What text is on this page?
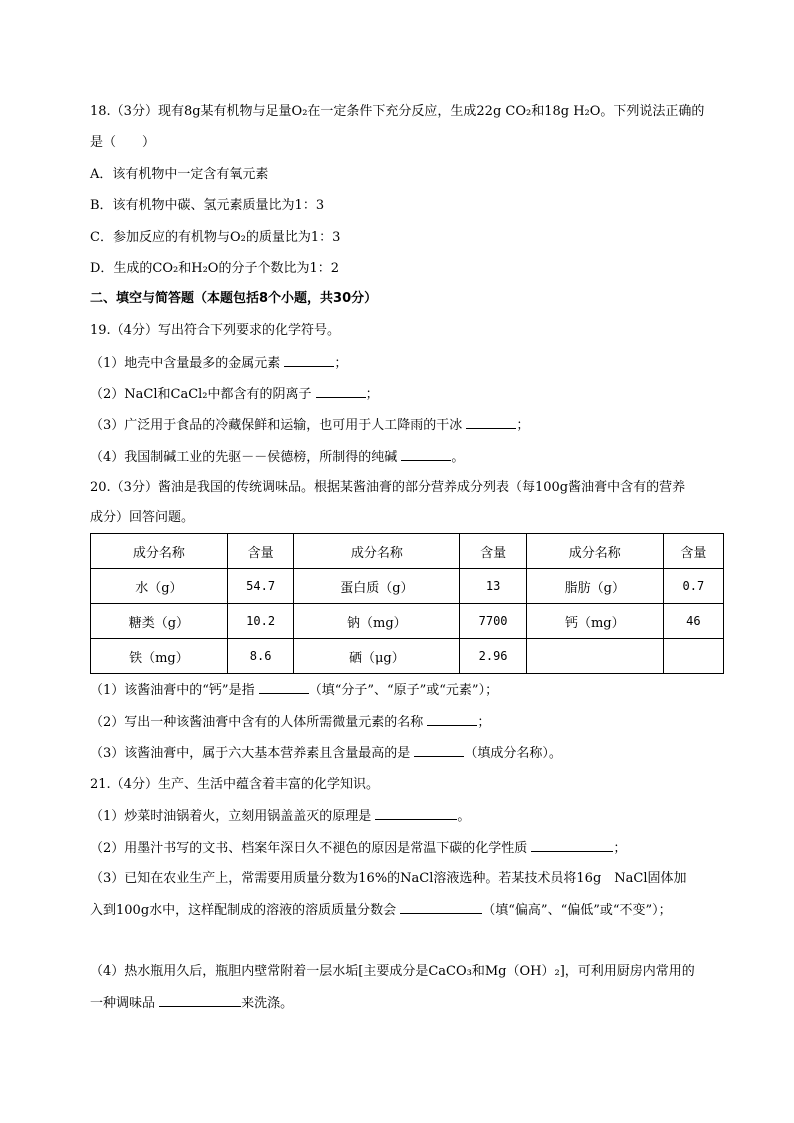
18.（3分）现有8g某有机物与足量O₂在一定条件下充分反应，生成22g CO₂和18g H₂O。下列说法正确的
是（　　）
A．该有机物中一定含有氧元素
B．该有机物中碳、氢元素质量比为1：3
C．参加反应的有机物与O₂的质量比为1：3
D．生成的CO₂和H₂O的分子个数比为1：2
二、填空与简答题（本题包括8个小题，共30分）
19.（4分）写出符合下列要求的化学符号。
（1）地壳中含量最多的金属元素	；
（2）NaCl和CaCl₂中都含有的阴离子	；
（3）广泛用于食品的冷藏保鲜和运输，也可用于人工降雨的干冰	；
（4）我国制碱工业的先驱－－侯德榜，所制得的纯碱	。
20.（3分）酱油是我国的传统调味品。根据某酱油膏的部分营养成分列表（每100g酱油膏中含有的营养
成分）回答问题。
成分名称	含量	成分名称	含量	成分名称	含量
水（g）	54.7	蛋白质（g）	13	脂肪（g）	0.7
糖类（g）	10.2	钠（mg）	7700	钙（mg）	46
铁（mg）	8.6	硒（μg）	2.96		
（1）该酱油膏中的“钙”是指	（填“分子”、“原子”或“元素”）；
（2）写出一种该酱油膏中含有的人体所需微量元素的名称	；
（3）该酱油膏中，属于六大基本营养素且含量最高的是	（填成分名称）。
21.（4分）生产、生活中蕴含着丰富的化学知识。
（1）炒菜时油锅着火，立刻用锅盖盖灭的原理是	。
（2）用墨汁书写的文书、档案年深日久不褪色的原因是常温下碳的化学性质	；
（3）已知在农业生产上，常需要用质量分数为16%的NaCl溶液选种。若某技术员将16g　NaCl固体加
入到100g水中，这样配制成的溶液的溶质质量分数会	（填“偏高”、“偏低”或“不变”）；
（4）热水瓶用久后，瓶胆内壁常附着一层水垢[主要成分是CaCO₃和Mg（OH）₂]，可利用厨房内常用的
一种调味品	来洗涤。
